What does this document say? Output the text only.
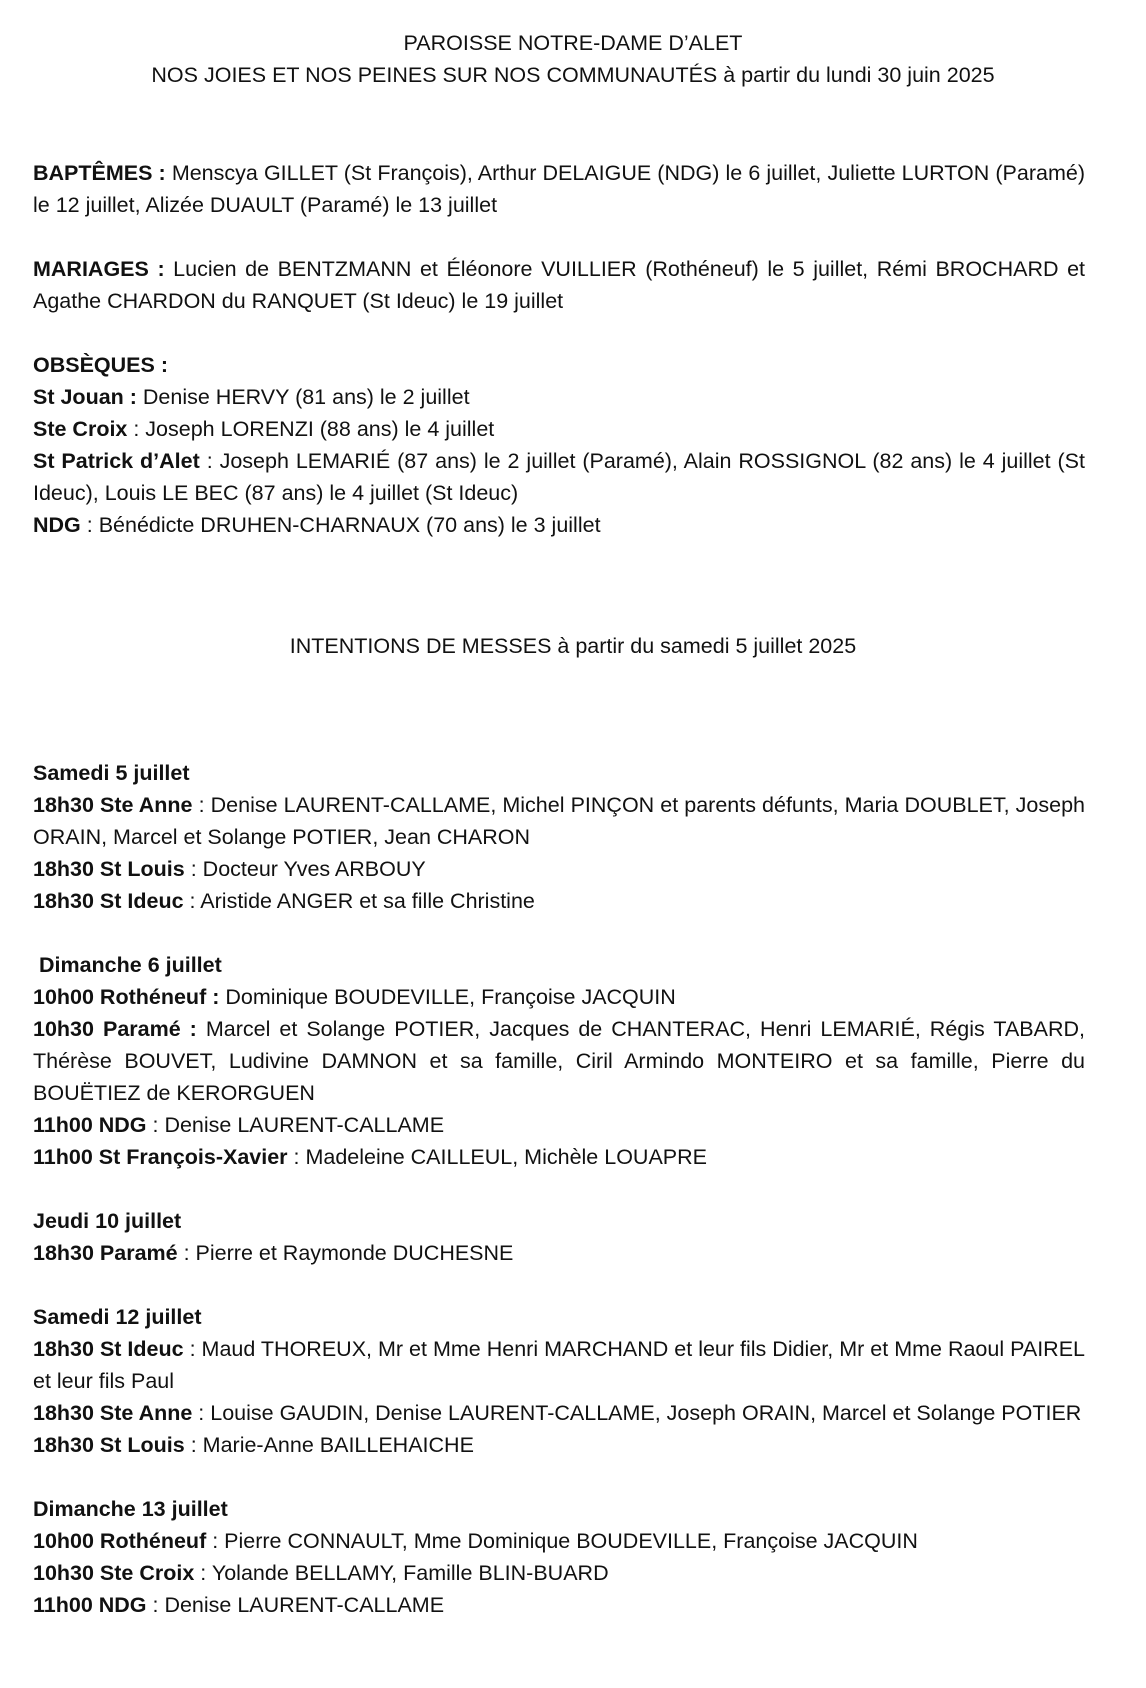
PAROISSE NOTRE-DAME D’ALET
NOS JOIES ET NOS PEINES SUR NOS COMMUNAUTÉS à partir du lundi 30 juin 2025

BAPTÊMES : Menscya GILLET (St François), Arthur DELAIGUE (NDG) le 6 juillet, Juliette LURTON (Paramé) le 12 juillet, Alizée DUAULT (Paramé) le 13 juillet

MARIAGES : Lucien de BENTZMANN et Éléonore VUILLIER (Rothéneuf) le 5 juillet, Rémi BROCHARD et Agathe CHARDON du RANQUET (St Ideuc) le 19 juillet

OBSÈQUES :

St Jouan : Denise HERVY (81 ans) le 2 juillet

Ste Croix : Joseph LORENZI (88 ans) le 4 juillet

St Patrick d’Alet : Joseph LEMARIÉ (87 ans) le 2 juillet (Paramé), Alain ROSSIGNOL (82 ans) le 4 juillet (St Ideuc), Louis LE BEC (87 ans) le 4 juillet (St Ideuc)

NDG : Bénédicte DRUHEN-CHARNAUX (70 ans) le 3 juillet

INTENTIONS DE MESSES à partir du samedi 5 juillet 2025

Samedi 5 juillet

18h30 Ste Anne : Denise LAURENT-CALLAME, Michel PINÇON et parents défunts, Maria DOUBLET, Joseph ORAIN, Marcel et Solange POTIER, Jean CHARON

18h30 St Louis : Docteur Yves ARBOUY

18h30 St Ideuc : Aristide ANGER et sa fille Christine

Dimanche 6 juillet

10h00 Rothéneuf : Dominique BOUDEVILLE, Françoise JACQUIN

10h30 Paramé : Marcel et Solange POTIER, Jacques de CHANTERAC, Henri LEMARIÉ, Régis TABARD, Thérèse BOUVET, Ludivine DAMNON et sa famille, Ciril Armindo MONTEIRO et sa famille, Pierre du BOUËTIEZ de KERORGUEN

11h00 NDG : Denise LAURENT-CALLAME

11h00 St François-Xavier : Madeleine CAILLEUL, Michèle LOUAPRE

Jeudi 10 juillet

18h30 Paramé : Pierre et Raymonde DUCHESNE

Samedi 12 juillet

18h30 St Ideuc : Maud THOREUX, Mr et Mme Henri MARCHAND et leur fils Didier, Mr et Mme Raoul PAIREL et leur fils Paul

18h30 Ste Anne : Louise GAUDIN, Denise LAURENT-CALLAME, Joseph ORAIN, Marcel et Solange POTIER

18h30 St Louis : Marie-Anne BAILLEHAICHE

Dimanche 13 juillet

10h00 Rothéneuf : Pierre CONNAULT, Mme Dominique BOUDEVILLE, Françoise JACQUIN

10h30 Ste Croix : Yolande BELLAMY, Famille BLIN-BUARD

11h00 NDG : Denise LAURENT-CALLAME
